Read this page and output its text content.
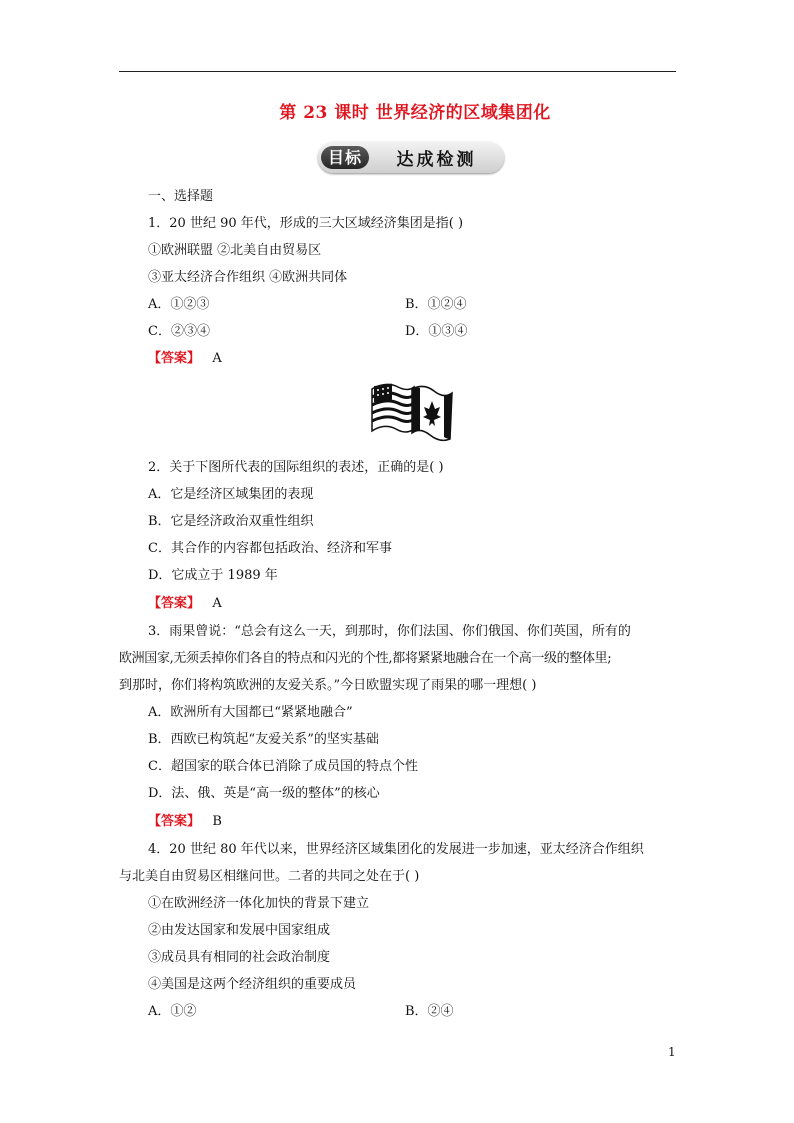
第 23 课时 世界经济的区域集团化
目标	达成检测
一、选择题
1．20 世纪 90 年代，形成的三大区域经济集团是指( )
①欧洲联盟 ②北美自由贸易区
③亚太经济合作组织 ④欧洲共同体
A．①②③	B．①②④
C．②③④	D．①③④
【答案】 A
2．关于下图所代表的国际组织的表述，正确的是( )
A．它是经济区域集团的表现
B．它是经济政治双重性组织
C．其合作的内容都包括政治、经济和军事
D．它成立于 1989 年
【答案】 A
3．雨果曾说：“总会有这么一天，到那时，你们法国、你们俄国、你们英国，所有的
欧洲国家,无须丢掉你们各自的特点和闪光的个性,都将紧紧地融合在一个高一级的整体里;
到那时，你们将构筑欧洲的友爱关系。”今日欧盟实现了雨果的哪一理想( )
A．欧洲所有大国都已“紧紧地融合”
B．西欧已构筑起“友爱关系”的坚实基础
C．超国家的联合体已消除了成员国的特点个性
D．法、俄、英是“高一级的整体”的核心
【答案】 B
4．20 世纪 80 年代以来，世界经济区域集团化的发展进一步加速，亚太经济合作组织
与北美自由贸易区相继问世。二者的共同之处在于( )
①在欧洲经济一体化加快的背景下建立
②由发达国家和发展中国家组成
③成员具有相同的社会政治制度
④美国是这两个经济组织的重要成员
A．①②	B．②④
1
